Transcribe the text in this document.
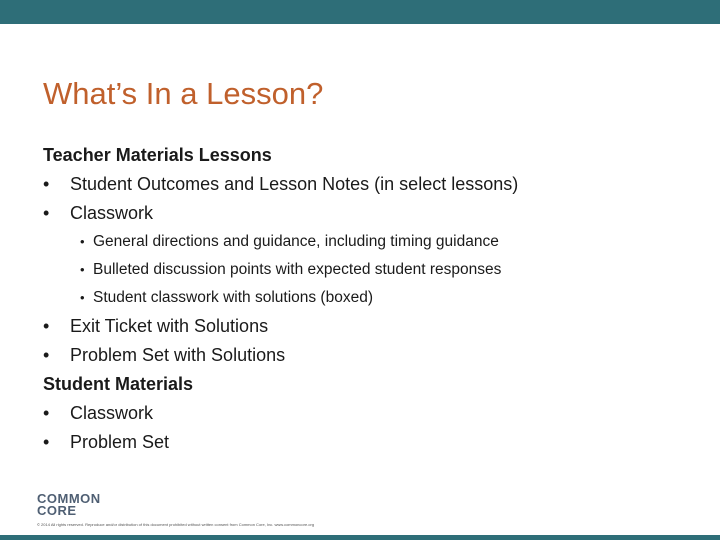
What’s In a Lesson?
Teacher Materials Lessons
• Student Outcomes and Lesson Notes (in select lessons)
• Classwork
• General directions and guidance, including timing guidance
• Bulleted discussion points with expected student responses
• Student classwork with solutions (boxed)
• Exit Ticket with Solutions
• Problem Set with Solutions
Student Materials
• Classwork
• Problem Set
COMMON
CORE
© 2014 All rights reserved. Reproduce and/or distribution of this document prohibited without written consent from Common Core, Inc. www.commoncore.org
